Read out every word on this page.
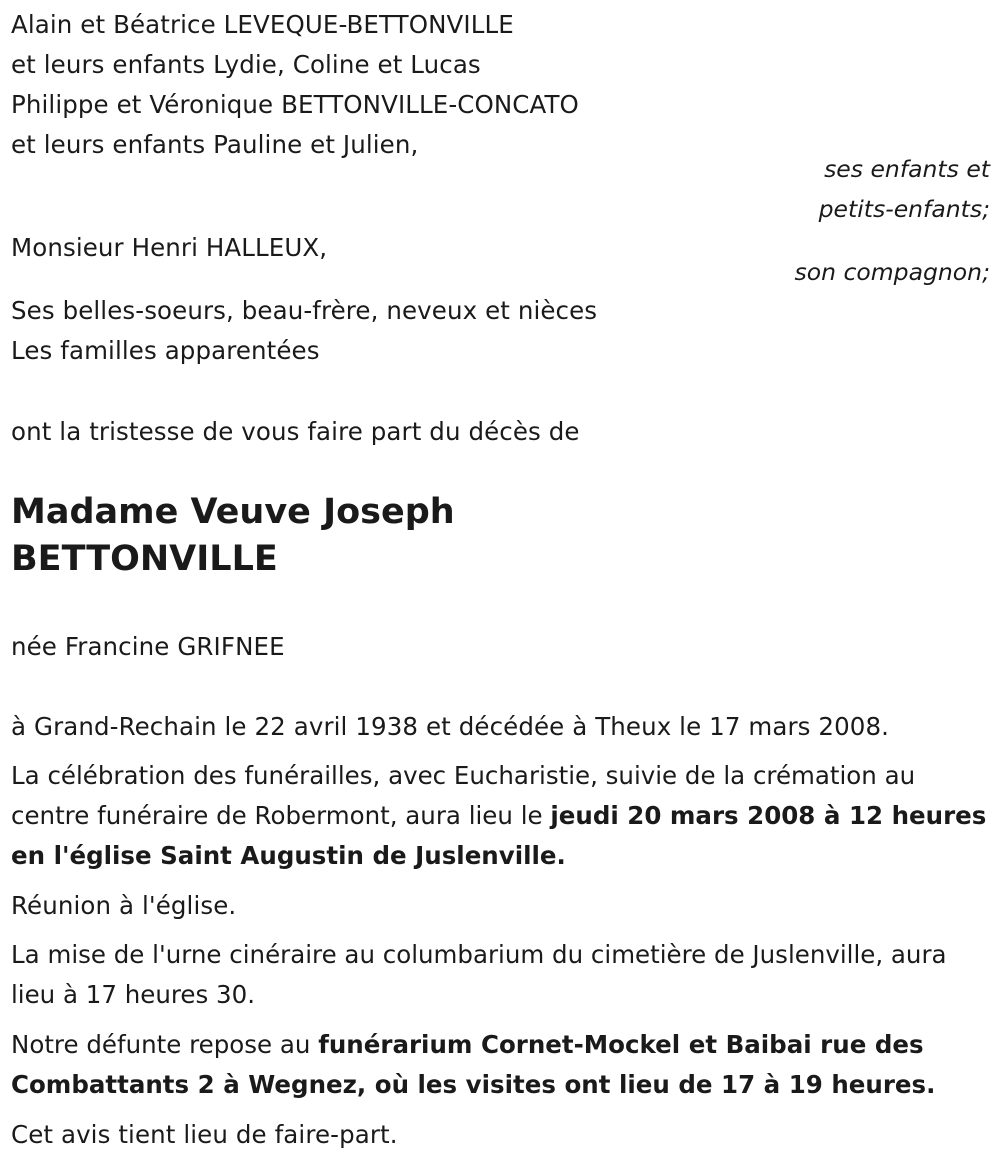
Alain et Béatrice LEVEQUE-BETTONVILLE
et leurs enfants Lydie, Coline et Lucas
Philippe et Véronique BETTONVILLE-CONCATO
et leurs enfants Pauline et Julien,
ses enfants et
petits-enfants;
Monsieur Henri HALLEUX,
son compagnon;
Ses belles-soeurs, beau-frère, neveux et nièces
Les familles apparentées
ont la tristesse de vous faire part du décès de
Madame Veuve Joseph
BETTONVILLE
née Francine GRIFNEE
à Grand-Rechain le 22 avril 1938 et décédée à Theux le 17 mars 2008.
La célébration des funérailles, avec Eucharistie, suivie de la crémation au centre funéraire de Robermont, aura lieu le jeudi 20 mars 2008 à 12 heures en l'église Saint Augustin de Juslenville.
Réunion à l'église.
La mise de l'urne cinéraire au columbarium du cimetière de Juslenville, aura lieu à 17 heures 30.
Notre défunte repose au funérarium Cornet-Mockel et Baibai rue des Combattants 2 à Wegnez, où les visites ont lieu de 17 à 19 heures.
Cet avis tient lieu de faire-part.
